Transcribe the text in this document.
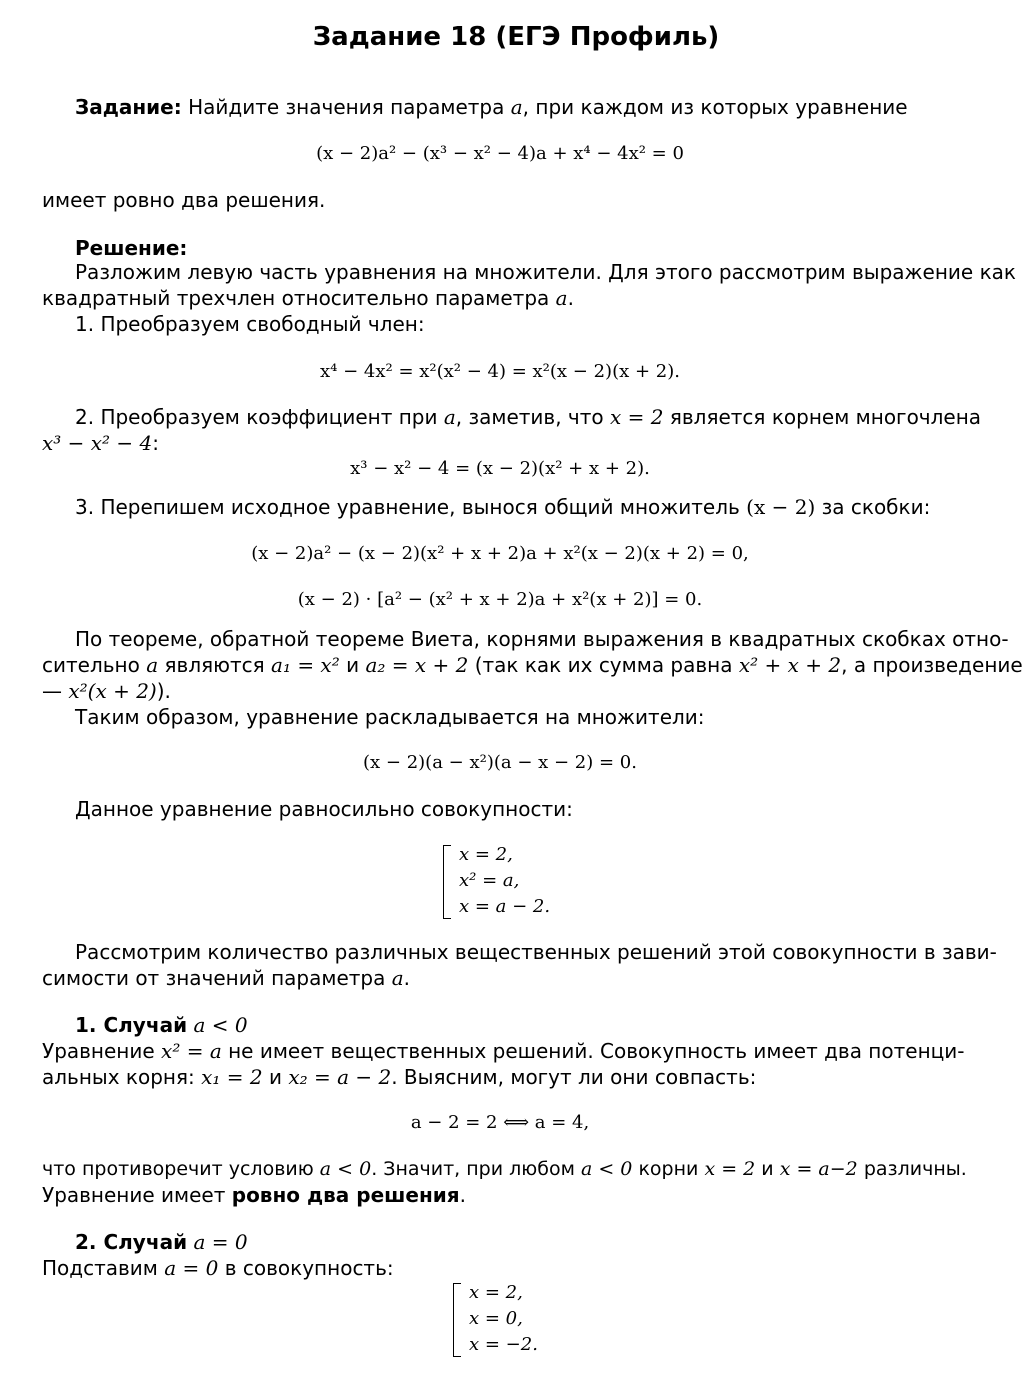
Задание 18 (ЕГЭ Профиль)
Задание: Найдите значения параметра a, при каждом из которых уравнение
(x − 2)a² − (x³ − x² − 4)a + x⁴ − 4x² = 0
имеет ровно два решения.
Решение:
Разложим левую часть уравнения на множители. Для этого рассмотрим выражение как
квадратный трехчлен относительно параметра a.
1. Преобразуем свободный член:
x⁴ − 4x² = x²(x² − 4) = x²(x − 2)(x + 2).
2. Преобразуем коэффициент при a, заметив, что x = 2 является корнем многочлена
x³ − x² − 4:
x³ − x² − 4 = (x − 2)(x² + x + 2).
3. Перепишем исходное уравнение, вынося общий множитель (x − 2) за скобки:
(x − 2)a² − (x − 2)(x² + x + 2)a + x²(x − 2)(x + 2) = 0,
(x − 2) · [a² − (x² + x + 2)a + x²(x + 2)] = 0.
По теореме, обратной теореме Виета, корнями выражения в квадратных скобках отно-
сительно a являются a₁ = x² и a₂ = x + 2 (так как их сумма равна x² + x + 2, а произведение
— x²(x + 2)).
Таким образом, уравнение раскладывается на множители:
(x − 2)(a − x²)(a − x − 2) = 0.
Данное уравнение равносильно совокупности:
x = 2,
x² = a,
x = a − 2.
Рассмотрим количество различных вещественных решений этой совокупности в зави-
симости от значений параметра a.
1. Случай a < 0
Уравнение x² = a не имеет вещественных решений. Совокупность имеет два потенци-
альных корня: x₁ = 2 и x₂ = a − 2. Выясним, могут ли они совпасть:
a − 2 = 2 ⟺ a = 4,
что противоречит условию a < 0. Значит, при любом a < 0 корни x = 2 и x = a−2 различны.
Уравнение имеет ровно два решения.
2. Случай a = 0
Подставим a = 0 в совокупность:
x = 2,
x = 0,
x = −2.
